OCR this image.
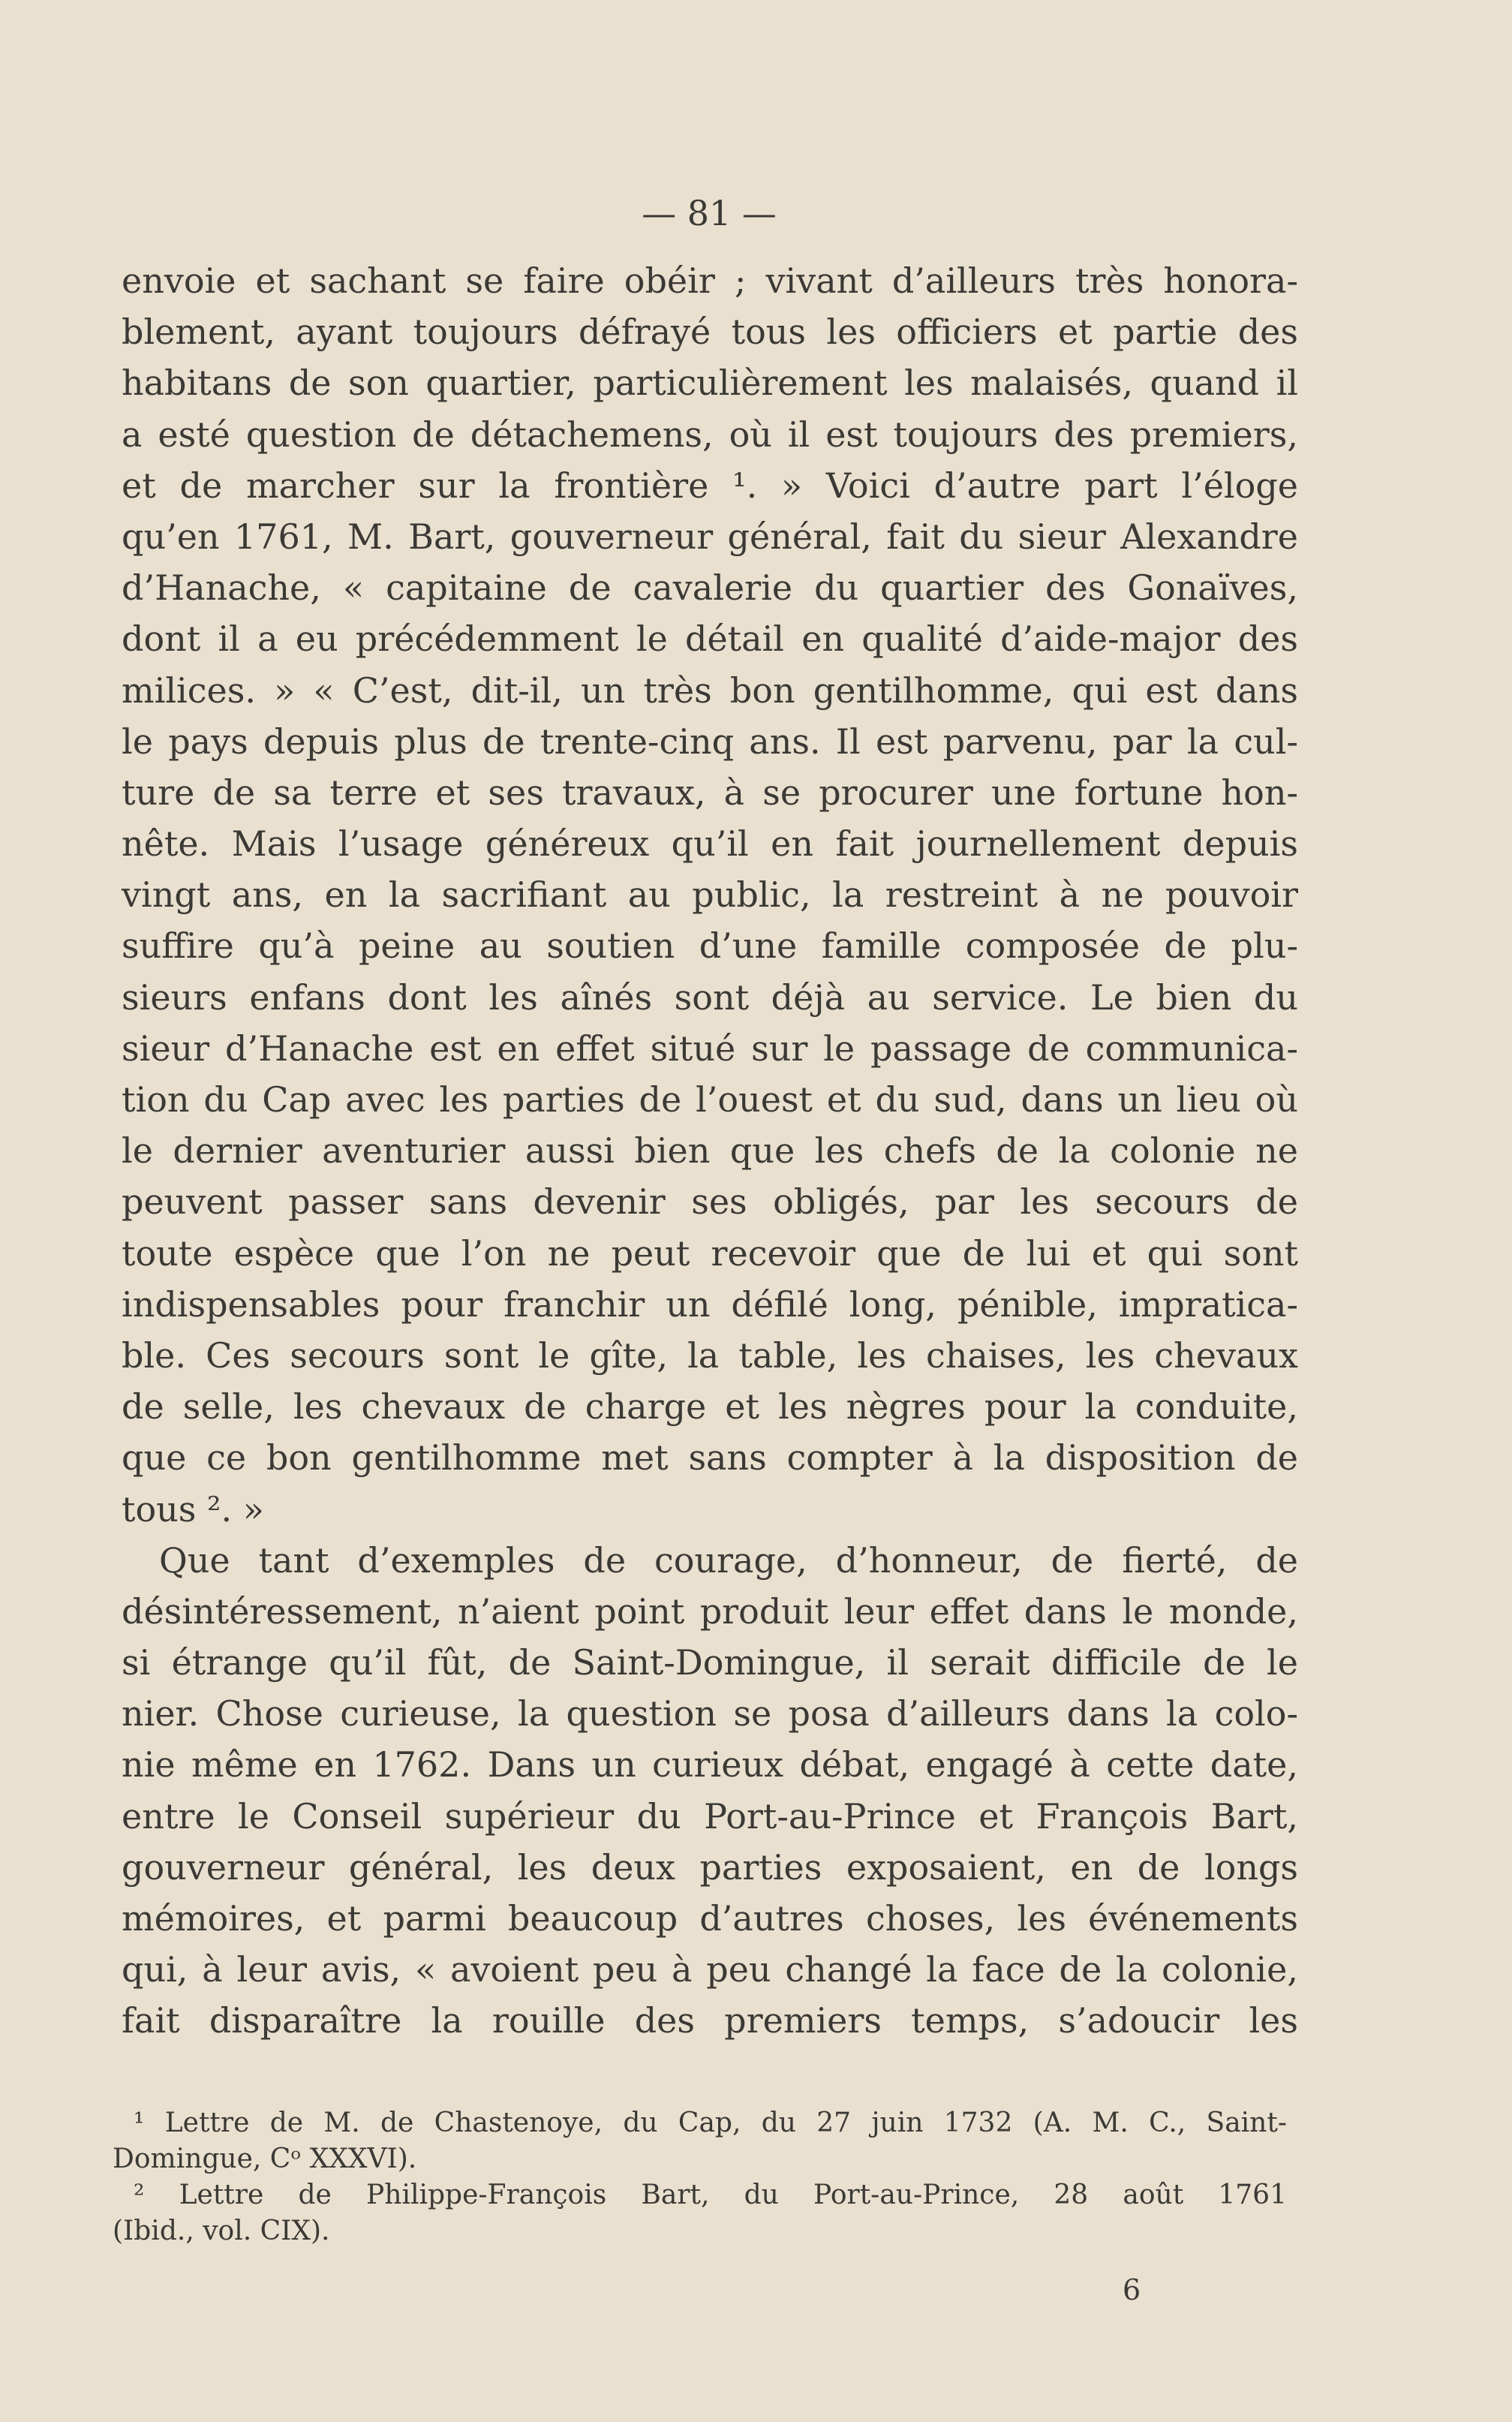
— 81 —
envoie et sachant se faire obéir ; vivant d’ailleurs très honora-
blement, ayant toujours défrayé tous les officiers et partie des
habitans de son quartier, particulièrement les malaisés, quand il
a esté question de détachemens, où il est toujours des premiers,
et de marcher sur la frontière ¹. » Voici d’autre part l’éloge
qu’en 1761, M. Bart, gouverneur général, fait du sieur Alexandre
d’Hanache, « capitaine de cavalerie du quartier des Gonaïves,
dont il a eu précédemment le détail en qualité d’aide-major des
milices. » « C’est, dit-il, un très bon gentilhomme, qui est dans
le pays depuis plus de trente-cinq ans. Il est parvenu, par la cul-
ture de sa terre et ses travaux, à se procurer une fortune hon-
nête. Mais l’usage généreux qu’il en fait journellement depuis
vingt ans, en la sacrifiant au public, la restreint à ne pouvoir
suffire qu’à peine au soutien d’une famille composée de plu-
sieurs enfans dont les aînés sont déjà au service. Le bien du
sieur d’Hanache est en effet situé sur le passage de communica-
tion du Cap avec les parties de l’ouest et du sud, dans un lieu où
le dernier aventurier aussi bien que les chefs de la colonie ne
peuvent passer sans devenir ses obligés, par les secours de
toute espèce que l’on ne peut recevoir que de lui et qui sont
indispensables pour franchir un défilé long, pénible, impratica-
ble. Ces secours sont le gîte, la table, les chaises, les chevaux
de selle, les chevaux de charge et les nègres pour la conduite,
que ce bon gentilhomme met sans compter à la disposition de
tous ². »
Que tant d’exemples de courage, d’honneur, de fierté, de
désintéressement, n’aient point produit leur effet dans le monde,
si étrange qu’il fût, de Saint-Domingue, il serait difficile de le
nier. Chose curieuse, la question se posa d’ailleurs dans la colo-
nie même en 1762. Dans un curieux débat, engagé à cette date,
entre le Conseil supérieur du Port-au-Prince et François Bart,
gouverneur général, les deux parties exposaient, en de longs
mémoires, et parmi beaucoup d’autres choses, les événements
qui, à leur avis, « avoient peu à peu changé la face de la colonie,
fait disparaître la rouille des premiers temps, s’adoucir les
¹ Lettre de M. de Chastenoye, du Cap, du 27 juin 1732 (A. M. C., Saint-
Domingue, Cᵒ XXXVI).
² Lettre de Philippe-François Bart, du Port-au-Prince, 28 août 1761
(Ibid., vol. CIX).
6
